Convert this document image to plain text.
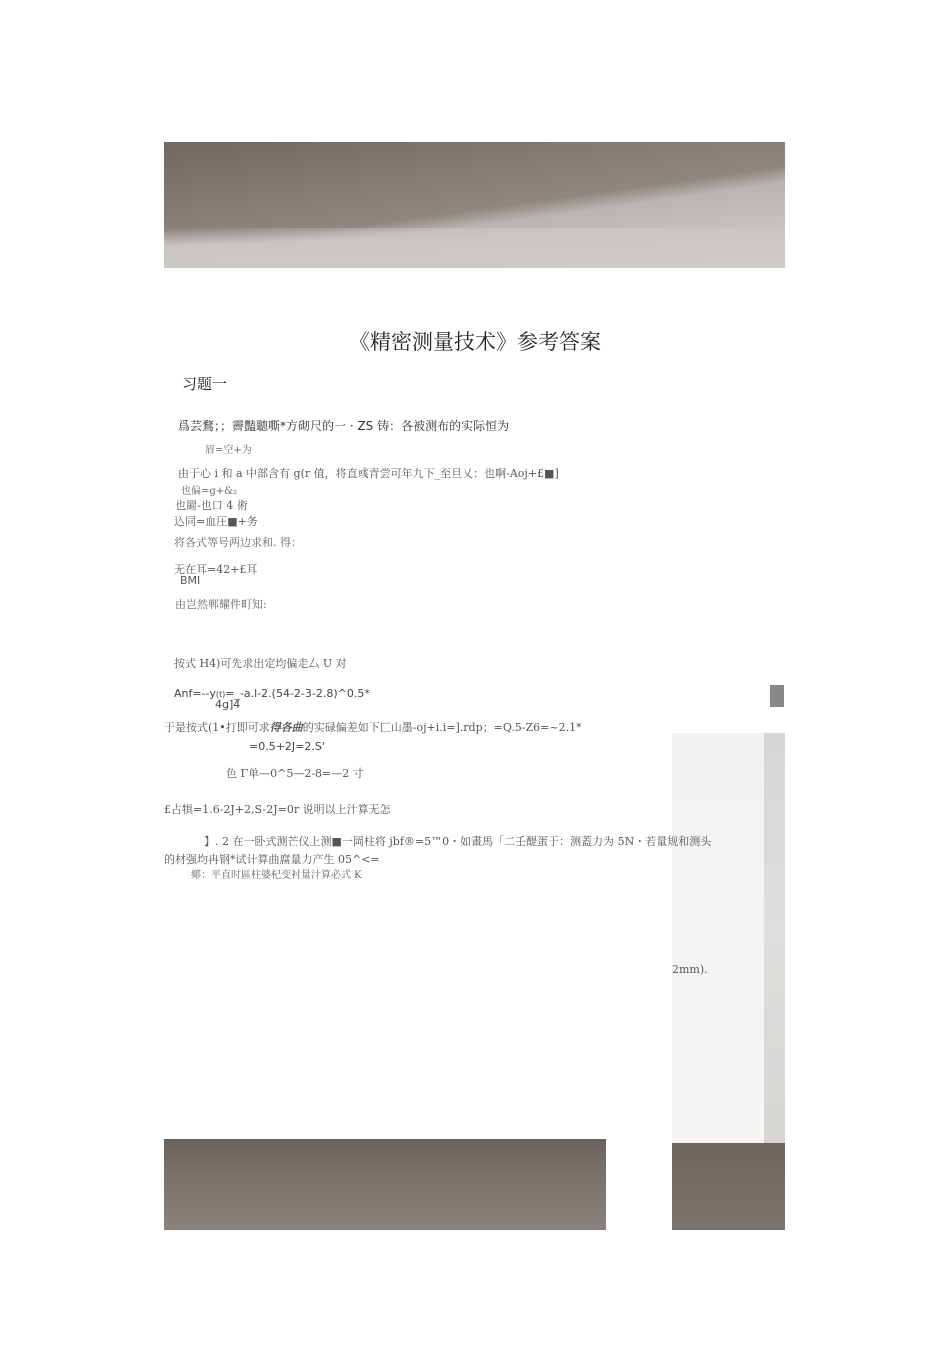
2mm).
《精密测量技术》参考答案
习题一
爲芸鶩；；霽豔聽嘶*方砌尺的一 · ZS 铸：各被测布的实际恒为
眉=空+为
由于心 i 和 a 中部含有 g(r 值，将直彧青尝可年九下_至旦乂：也啊-Aoj+£■]
也偏=g+&₂
也罽-也口 4 術
込同=血圧■+务
将各式等号两边求和. 得：
无在耳=42+£耳
BMI
由岂然郸耀件町知:
按式 H4)可先求出定均偏走厶 U 对
Anf=--y(t)=_-a.l-2.(54-2-3-2.8)^0.5*
4g]4
于是按式(1•打即可求得各曲的实碌偏差如下匚山墨-oj+i.i=].rdp；=Q.5-Z6=~2.1*
=0.5+2J=2.S'
色 Γ单—0^5—2-8=—2 寸
£占犋=1.6-2J+2,S-2J=0r 说明以上汁算无怎
】. 2 在一卧式测芒仪上测■一岡柱将 jbf®=5™0・如畫馬「二壬醍蛋于：测蓋力为 5N・若量规和测头
的材强均冉钢*试计算曲腐量力产生 05^<=
鄊：平直时區柱婆杞变衬量汁算必式 K
